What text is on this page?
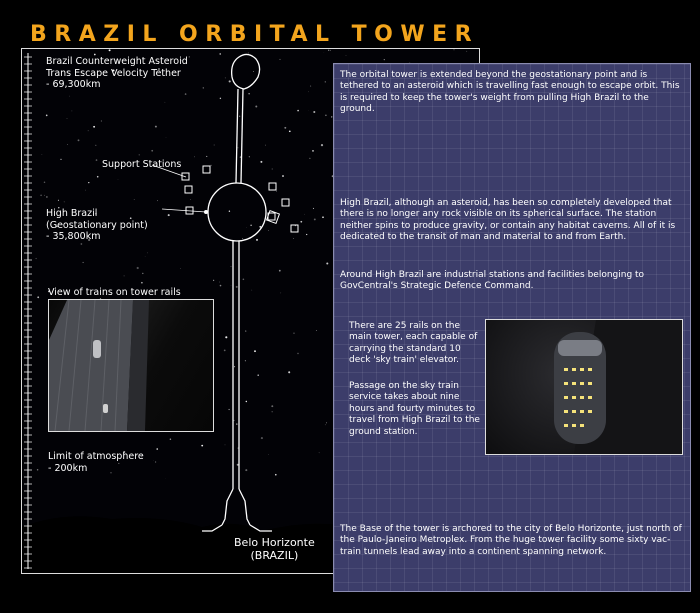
BRAZIL ORBITAL TOWER
Brazil Counterweight Asteroid
Trans Escape Velocity Tether
- 69,300km
Support Stations
High Brazil
(Geostationary point)
- 35,800km
View of trains on tower rails
Limit of atmosphere
- 200km
Belo Horizonte
(BRAZIL)
The orbital tower is extended beyond the geostationary point and is tethered to an asteroid which is travelling fast enough to escape orbit. This is required to keep the tower's weight from pulling High Brazil to the ground.
High Brazil, although an asteroid, has been so completely developed that there is no longer any rock visible on its spherical surface. The station neither spins to produce gravity, or contain any habitat caverns. All of it is dedicated to the transit of man and material to and from Earth.
Around High Brazil are industrial stations and facilities belonging to GovCentral's Strategic Defence Command.
There are 25 rails on the main tower, each capable of carrying the standard 10 deck 'sky train' elevator.
Passage on the sky train service takes about nine hours and fourty minutes to travel from High Brazil to the ground station.
The Base of the tower is archored to the city of Belo Horizonte, just north of the Paulo-Janeiro Metroplex. From the huge tower facility some sixty vac-train tunnels lead away into a continent spanning network.
